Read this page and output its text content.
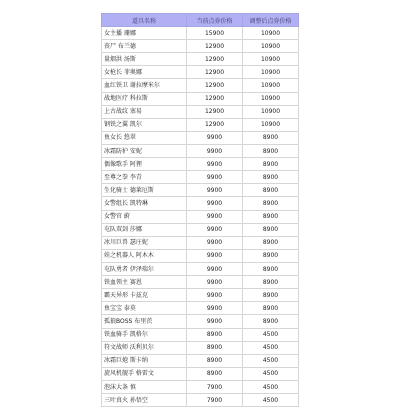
道具名称	当前点券价格	调整后点券价格
女主播 珊娜	15900	10900
丧尸 布兰德	12900	10900
量烟洪 汤斯	12900	10900
女枪长 菲奥娜	12900	10900
血红铁卫 谢拉摩米尔	12900	10900
战地医疗 科拉斯	12900	10900
上古战纹 塞易	12900	10900
钢铁之翼 凯尔	12900	10900
鱼女长 悠翠	9900	8900
冰霜防护 安妮	9900	8900
偶像歌手 阿狸	9900	8900
至尊之拳 李青	9900	8900
生化骑士 德莱厄斯	9900	8900
女警组长 凯特琳	9900	8900
女警官 蔚	9900	8900
屯队双剑 莎娜	9900	8900
冰川巨兽 瑟庄妮	9900	8900
娃之机器人 阿木木	9900	8900
屯队勇者 伊泽瑞尔	9900	8900
铁血领主 赛恩	9900	8900
霸天异形 卡兹克	9900	8900
鱼宝宝 泰莫	9900	8900
孤狼BOSS 布里茨	9900	8900
铁血骑手 凯格尔	8900	4500
符文战师 沃利贝尔	8900	4500
冰霜巨炮 斯卡纳	8900	4500
旋风机舰手 格雷文	8900	4500
泡沫大条 慎	7900	4500
三叶真火 孙悟空	7900	4500
